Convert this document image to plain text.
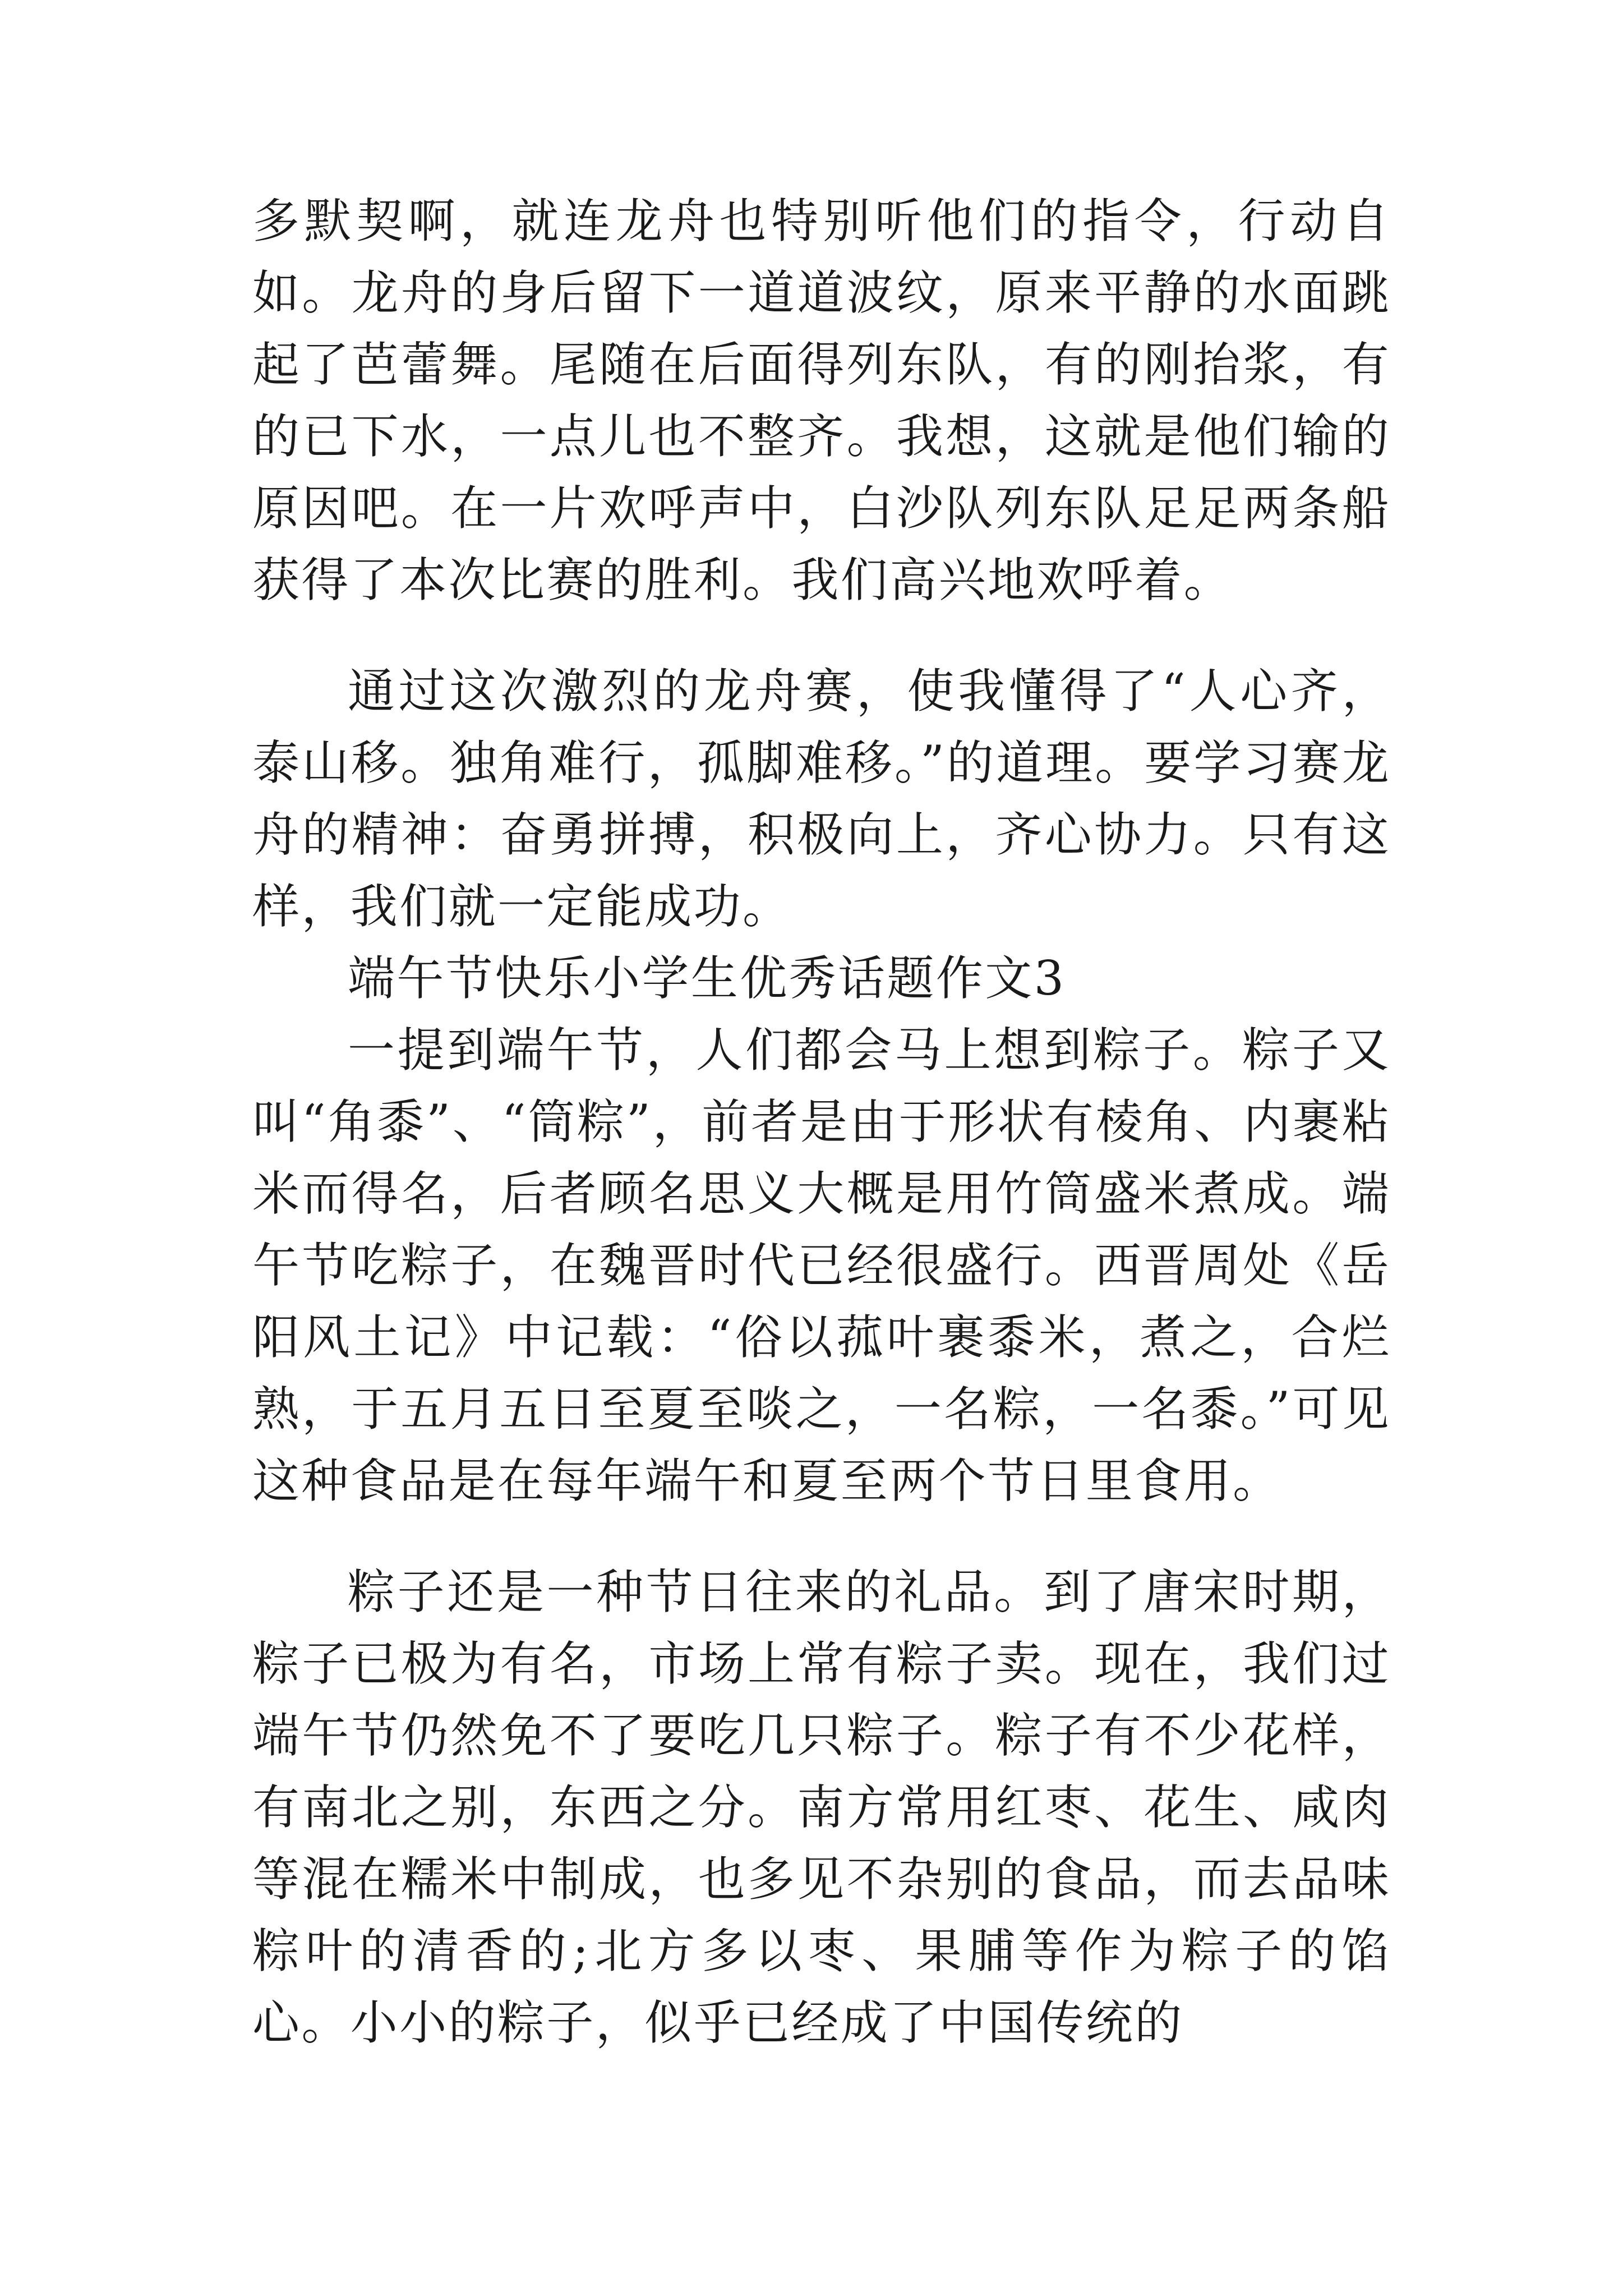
多默契啊，就连龙舟也特别听他们的指令，行动自如。龙舟的身后留下一道道波纹，原来平静的水面跳起了芭蕾舞。尾随在后面得列东队，有的刚抬浆，有的已下水，一点儿也不整齐。我想，这就是他们输的原因吧。在一片欢呼声中，白沙队列东队足足两条船获得了本次比赛的胜利。我们高兴地欢呼着。

通过这次激烈的龙舟赛，使我懂得了“人心齐，泰山移。独角难行，孤脚难移。”的道理。要学习赛龙舟的精神：奋勇拼搏，积极向上，齐心协力。只有这样，我们就一定能成功。

端午节快乐小学生优秀话题作文3

一提到端午节，人们都会马上想到粽子。粽子又叫“角黍”、“筒粽”，前者是由于形状有棱角、内裹粘米而得名，后者顾名思义大概是用竹筒盛米煮成。端午节吃粽子，在魏晋时代已经很盛行。西晋周处《岳阳风土记》中记载：“俗以菰叶裹黍米，煮之，合烂熟，于五月五日至夏至啖之，一名粽，一名黍。”可见这种食品是在每年端午和夏至两个节日里食用。

粽子还是一种节日往来的礼品。到了唐宋时期，粽子已极为有名，市场上常有粽子卖。现在，我们过端午节仍然免不了要吃几只粽子。粽子有不少花样，有南北之别，东西之分。南方常用红枣、花生、咸肉等混在糯米中制成，也多见不杂别的食品，而去品味粽叶的清香的;北方多以枣、果脯等作为粽子的馅心。小小的粽子，似乎已经成了中国传统的
